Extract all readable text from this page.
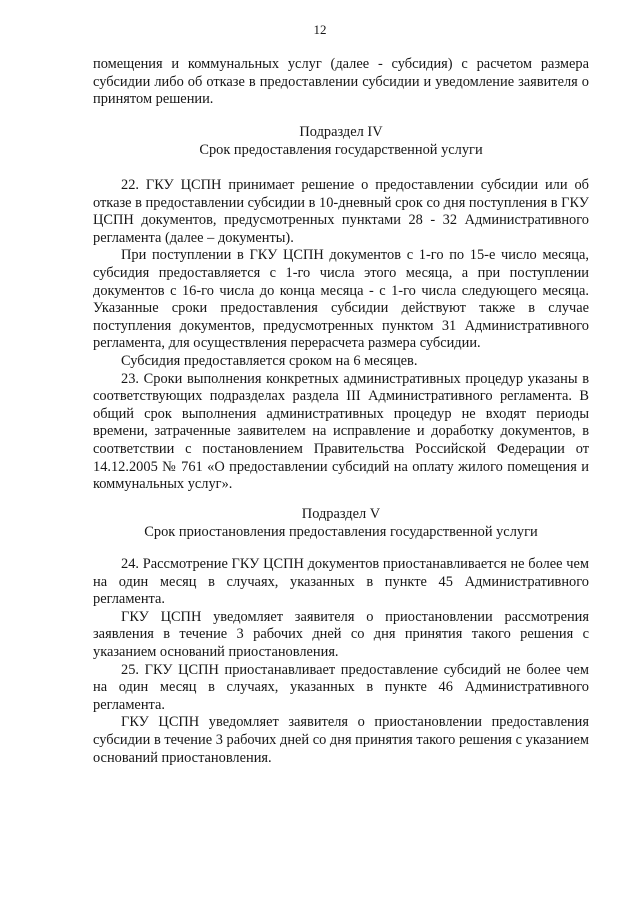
12

помещения и коммунальных услуг (далее - субсидия) с расчетом размера субсидии либо об отказе в предоставлении субсидии и уведомление заявителя о принятом решении.

Подраздел IV

Срок предоставления государственной услуги

22. ГКУ ЦСПН принимает решение о предоставлении субсидии или об отказе в предоставлении субсидии в 10-дневный срок со дня поступления в ГКУ ЦСПН документов, предусмотренных пунктами 28 - 32 Административного регламента (далее – документы).

При поступлении в ГКУ ЦСПН документов с 1-го по 15-е число месяца, субсидия предоставляется с 1-го числа этого месяца, а при поступлении документов с 16-го числа до конца месяца - с 1-го числа следующего месяца. Указанные сроки предоставления субсидии действуют также в случае поступления документов, предусмотренных пунктом 31 Административного регламента, для осуществления перерасчета размера субсидии.

Субсидия предоставляется сроком на 6 месяцев.

23. Сроки выполнения конкретных административных процедур указаны в соответствующих подразделах раздела III Административного регламента. В общий срок выполнения административных процедур не входят периоды времени, затраченные заявителем на исправление и доработку документов, в соответствии с постановлением Правительства Российской Федерации от 14.12.2005 № 761 «О предоставлении субсидий на оплату жилого помещения и коммунальных услуг».

Подраздел V

Срок приостановления предоставления государственной услуги

24. Рассмотрение ГКУ ЦСПН документов приостанавливается не более чем на один месяц в случаях, указанных в пункте 45 Административного регламента.

ГКУ ЦСПН уведомляет заявителя о приостановлении рассмотрения заявления в течение 3 рабочих дней со дня принятия такого решения с указанием оснований приостановления.

25. ГКУ ЦСПН приостанавливает предоставление субсидий не более чем на один месяц в случаях, указанных в пункте 46 Административного регламента.

ГКУ ЦСПН уведомляет заявителя о приостановлении предоставления субсидии в течение 3 рабочих дней со дня принятия такого решения с указанием оснований приостановления.
